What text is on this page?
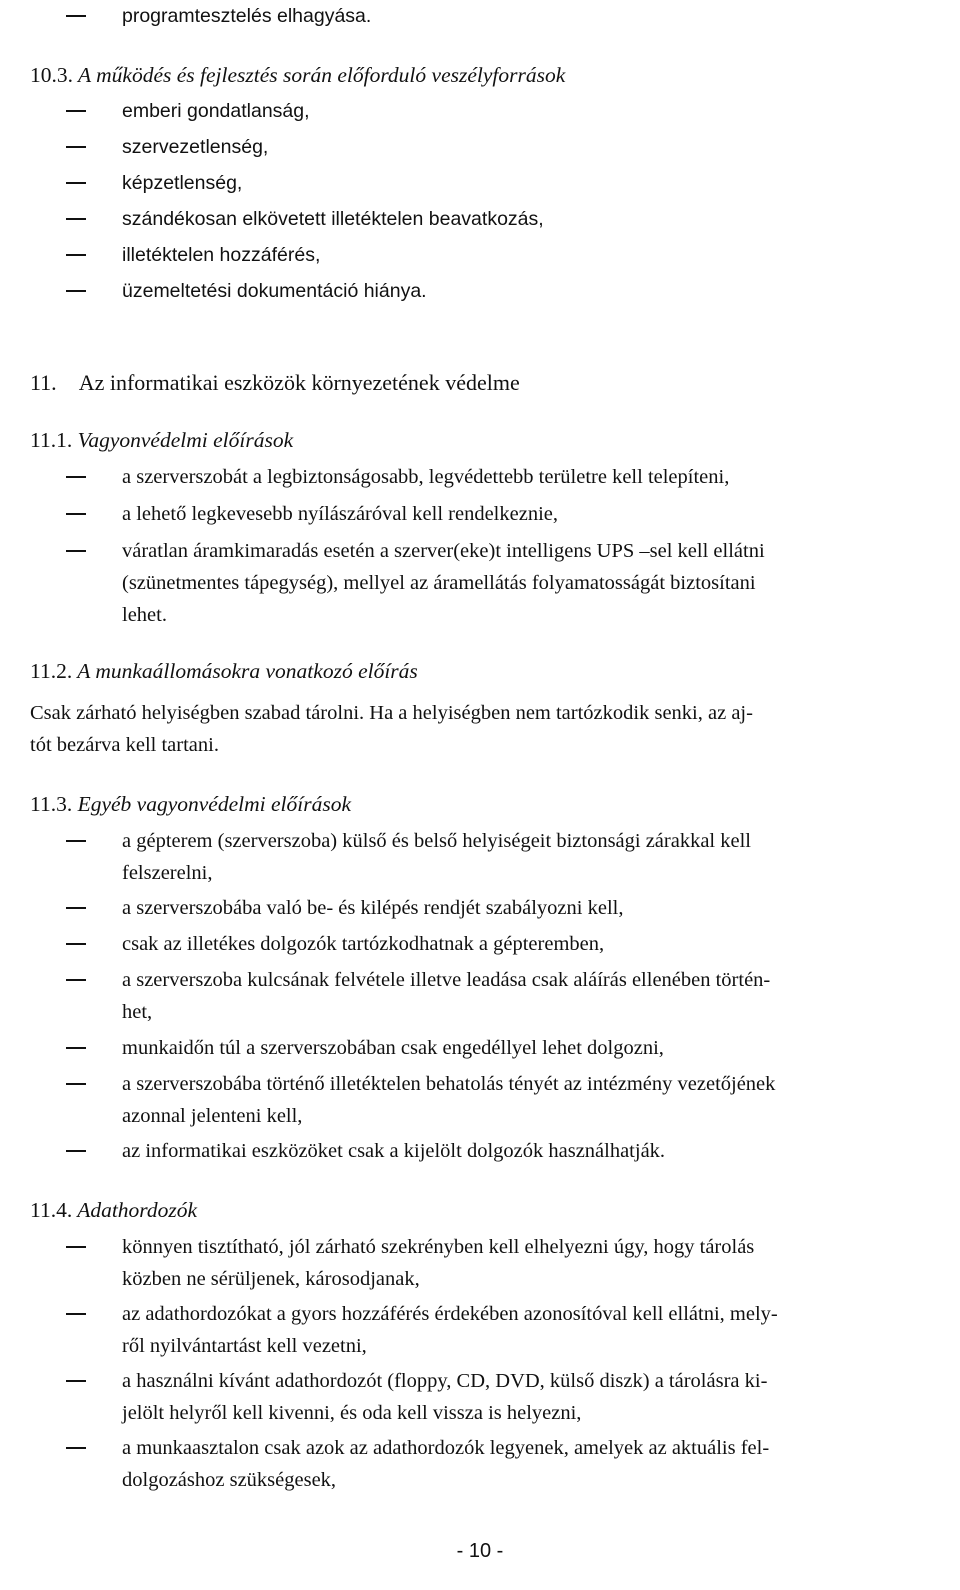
programtesztelés elhagyása.
10.3. A működés és fejlesztés során előforduló veszélyforrások
emberi gondatlanság,
szervezetlenség,
képzetlenség,
szándékosan elkövetett illetéktelen beavatkozás,
illetéktelen hozzáférés,
üzemeltetési dokumentáció hiánya.
11. Az informatikai eszközök környezetének védelme
11.1. Vagyonvédelmi előírások
a szerverszobát a legbiztonságosabb, legvédettebb területre kell telepíteni,
a lehető legkevesebb nyílászáróval kell rendelkeznie,
váratlan áramkimaradás esetén a szerver(eke)t intelligens UPS –sel kell ellátni
(szünetmentes tápegység), mellyel az áramellátás folyamatosságát biztosítani
lehet.
11.2. A munkaállomásokra vonatkozó előírás
Csak zárható helyiségben szabad tárolni. Ha a helyiségben nem tartózkodik senki, az aj-
tót bezárva kell tartani.
11.3. Egyéb vagyonvédelmi előírások
a gépterem (szerverszoba) külső és belső helyiségeit biztonsági zárakkal kell
felszerelni,
a szerverszobába való be- és kilépés rendjét szabályozni kell,
csak az illetékes dolgozók tartózkodhatnak a gépteremben,
a szerverszoba kulcsának felvétele illetve leadása csak aláírás ellenében történ-
het,
munkaidőn túl a szerverszobában csak engedéllyel lehet dolgozni,
a szerverszobába történő illetéktelen behatolás tényét az intézmény vezetőjének
azonnal jelenteni kell,
az informatikai eszközöket csak a kijelölt dolgozók használhatják.
11.4. Adathordozók
könnyen tisztítható, jól zárható szekrényben kell elhelyezni úgy, hogy tárolás
közben ne sérüljenek, károsodjanak,
az adathordozókat a gyors hozzáférés érdekében azonosítóval kell ellátni, mely-
ről nyilvántartást kell vezetni,
a használni kívánt adathordozót (floppy, CD, DVD, külső diszk) a tárolásra ki-
jelölt helyről kell kivenni, és oda kell vissza is helyezni,
a munkaasztalon csak azok az adathordozók legyenek, amelyek az aktuális fel-
dolgozáshoz szükségesek,
- 10 -
